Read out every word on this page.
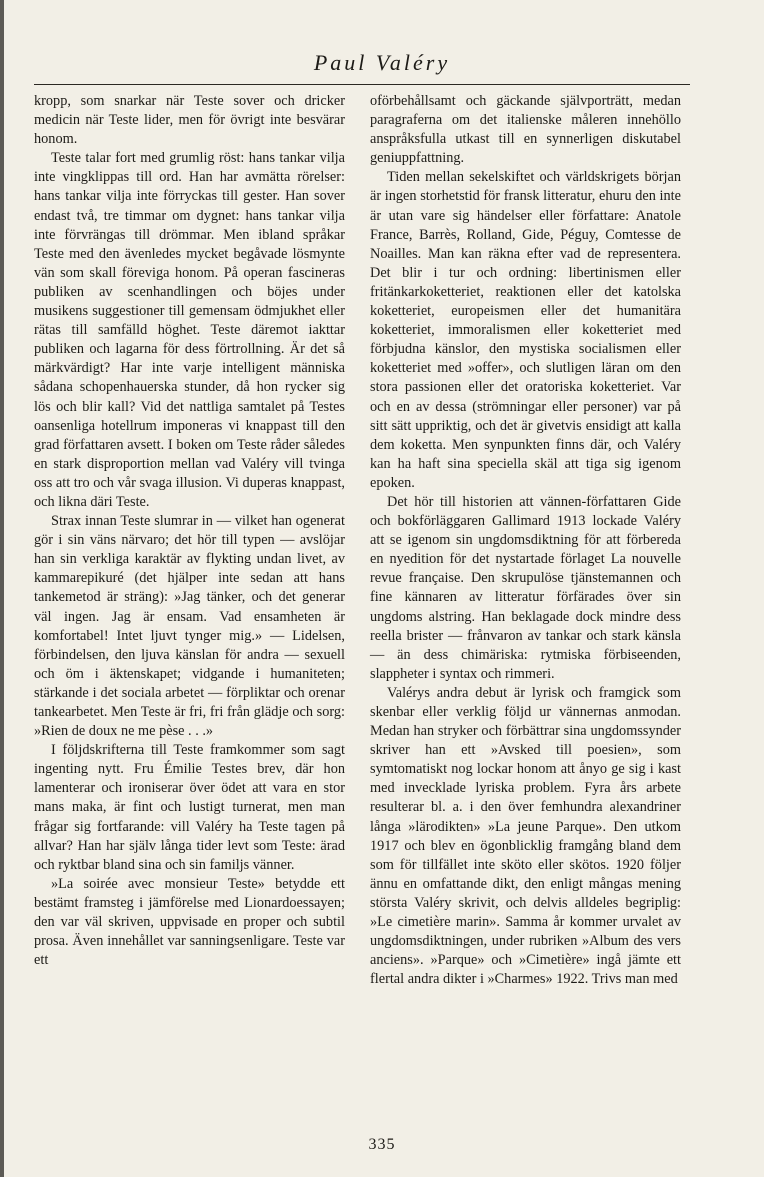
Paul Valéry

kropp, som snarkar när Teste sover och dricker medicin när Teste lider, men för övrigt inte besvärar honom.

Teste talar fort med grumlig röst: hans tankar vilja inte vingklippas till ord. Han har avmätta rörelser: hans tankar vilja inte förryckas till gester. Han sover endast två, tre timmar om dygnet: hans tankar vilja inte förvrängas till drömmar. Men ibland språkar Teste med den ävenledes mycket begåvade lösmynte vän som skall föreviga honom. På operan fascineras publiken av scenhandlingen och böjes under musikens suggestioner till gemensam ödmjukhet eller rätas till samfälld höghet. Teste däremot iakttar publiken och lagarna för dess förtrollning. Är det så märkvärdigt? Har inte varje intelligent människa sådana schopenhauerska stunder, då hon rycker sig lös och blir kall? Vid det nattliga samtalet på Testes oansenliga hotellrum imponeras vi knappast till den grad författaren avsett. I boken om Teste råder således en stark disproportion mellan vad Valéry vill tvinga oss att tro och vår svaga illusion. Vi duperas knappast, och likna däri Teste.

Strax innan Teste slumrar in — vilket han ogenerat gör i sin väns närvaro; det hör till typen — avslöjar han sin verkliga karaktär av flykting undan livet, av kammarepikuré (det hjälper inte sedan att hans tankemetod är sträng): »Jag tänker, och det generar väl ingen. Jag är ensam. Vad ensamheten är komfortabel! Intet ljuvt tynger mig.» — Lidelsen, förbindelsen, den ljuva känslan för andra — sexuell och öm i äktenskapet; vidgande i humaniteten; stärkande i det sociala arbetet — förpliktar och orenar tankearbetet. Men Teste är fri, fri från glädje och sorg: »Rien de doux ne me pèse . . .»

I följdskrifterna till Teste framkommer som sagt ingenting nytt. Fru Émilie Testes brev, där hon lamenterar och ironiserar över ödet att vara en stor mans maka, är fint och lustigt turnerat, men man frågar sig fortfarande: vill Valéry ha Teste tagen på allvar? Han har själv långa tider levt som Teste: ärad och ryktbar bland sina och sin familjs vänner.

»La soirée avec monsieur Teste» betydde ett bestämt framsteg i jämförelse med Lionardoessayen; den var väl skriven, uppvisade en proper och subtil prosa. Även innehållet var sanningsenligare. Teste var ett

oförbehållsamt och gäckande självporträtt, medan paragraferna om det italienske måleren innehöllo anspråksfulla utkast till en synnerligen diskutabel geniuppfattning.

Tiden mellan sekelskiftet och världskrigets början är ingen storhetstid för fransk litteratur, ehuru den inte är utan vare sig händelser eller författare: Anatole France, Barrès, Rolland, Gide, Péguy, Comtesse de Noailles. Man kan räkna efter vad de representera. Det blir i tur och ordning: libertinismen eller fritänkarkoketteriet, reaktionen eller det katolska koketteriet, europeismen eller det humanitära koketteriet, immoralismen eller koketteriet med förbjudna känslor, den mystiska socialismen eller koketteriet med »offer», och slutligen läran om den stora passionen eller det oratoriska koketteriet. Var och en av dessa (strömningar eller personer) var på sitt sätt uppriktig, och det är givetvis ensidigt att kalla dem koketta. Men synpunkten finns där, och Valéry kan ha haft sina speciella skäl att tiga sig igenom epoken.

Det hör till historien att vännen-författaren Gide och bokförläggaren Gallimard 1913 lockade Valéry att se igenom sin ungdomsdiktning för att förbereda en nyedition för det nystartade förlaget La nouvelle revue française. Den skrupulöse tjänstemannen och fine kännaren av litteratur förfärades över sin ungdoms alstring. Han beklagade dock mindre dess reella brister — frånvaron av tankar och stark känsla — än dess chimäriska: rytmiska förbiseenden, slappheter i syntax och rimmeri.

Valérys andra debut är lyrisk och framgick som skenbar eller verklig följd ur vännernas anmodan. Medan han stryker och förbättrar sina ungdomssynder skriver han ett »Avsked till poesien», som symtomatiskt nog lockar honom att ånyo ge sig i kast med invecklade lyriska problem. Fyra års arbete resulterar bl. a. i den över femhundra alexandriner långa »lärodikten» »La jeune Parque». Den utkom 1917 och blev en ögonblicklig framgång bland dem som för tillfället inte sköto eller skötos. 1920 följer ännu en omfattande dikt, den enligt mångas mening största Valéry skrivit, och delvis alldeles begriplig: »Le cimetière marin». Samma år kommer urvalet av ungdomsdiktningen, under rubriken »Album des vers anciens». »Parque» och »Cimetière» ingå jämte ett flertal andra dikter i »Charmes» 1922. Trivs man med

335
